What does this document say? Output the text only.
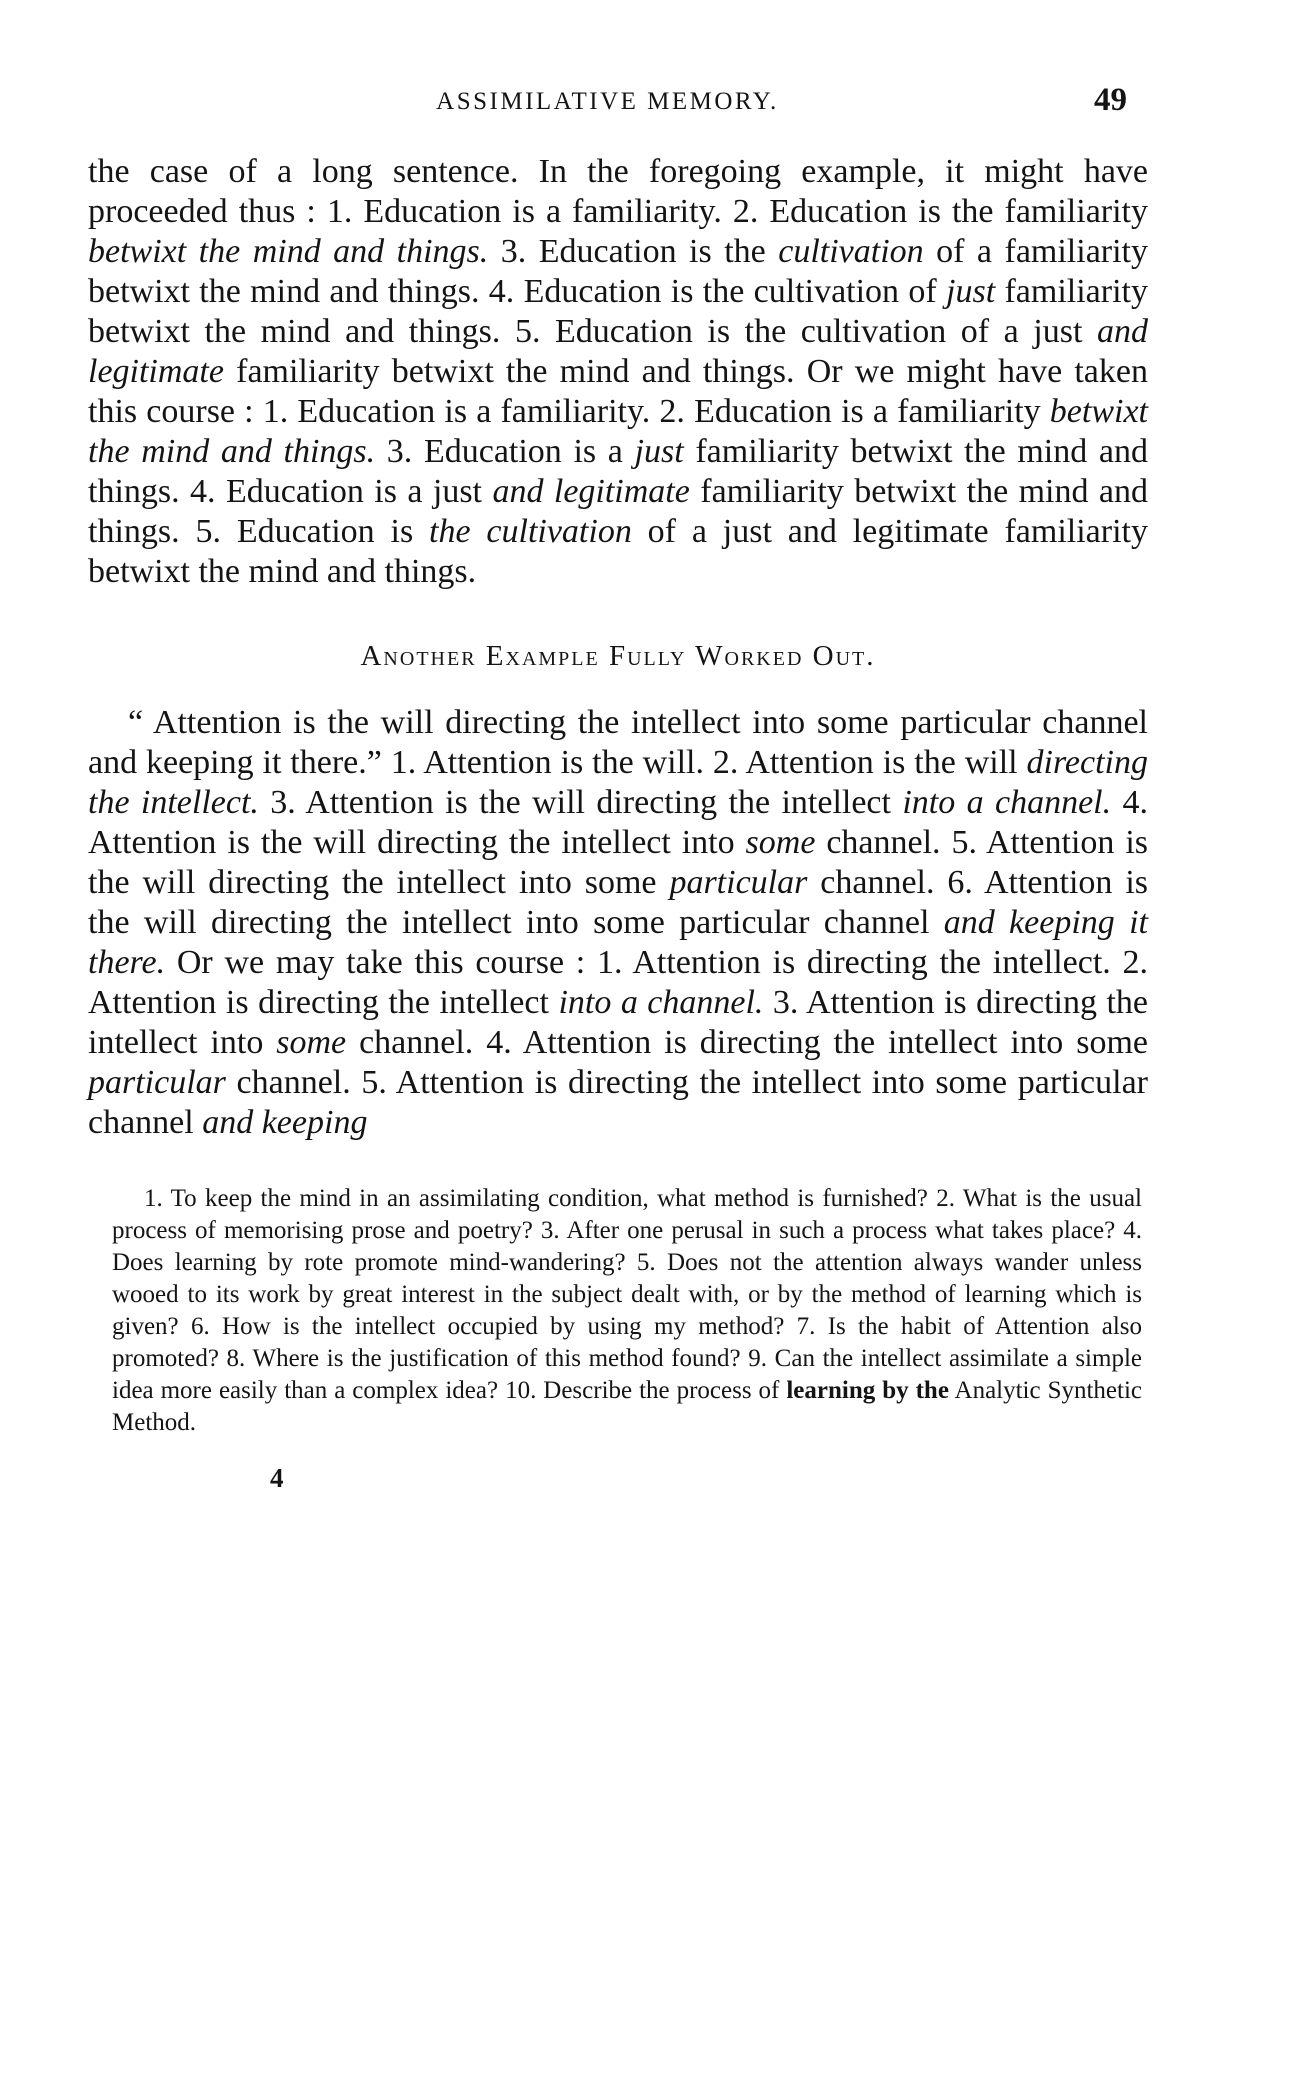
ASSIMILATIVE MEMORY.	49

the case of a long sentence. In the foregoing example, it might have proceeded thus : 1. Education is a familiarity. 2. Education is the familiarity betwixt the mind and things. 3. Education is the cultivation of a familiarity betwixt the mind and things. 4. Education is the cultivation of just familiarity betwixt the mind and things. 5. Education is the cultivation of a just and legitimate familiarity betwixt the mind and things. Or we might have taken this course : 1. Education is a familiarity. 2. Education is a familiarity betwixt the mind and things. 3. Education is a just familiarity betwixt the mind and things. 4. Education is a just and legitimate familiarity betwixt the mind and things. 5. Education is the cultivation of a just and legitimate familiarity betwixt the mind and things.

Another Example Fully Worked Out.

“ Attention is the will directing the intellect into some particular channel and keeping it there.” 1. Attention is the will. 2. Attention is the will directing the intellect. 3. Attention is the will directing the intellect into a channel. 4. Attention is the will directing the intellect into some channel. 5. Attention is the will directing the intellect into some particular channel. 6. Attention is the will directing the intellect into some particular channel and keeping it there. Or we may take this course : 1. Attention is directing the intellect. 2. Attention is directing the intellect into a channel. 3. Attention is directing the intellect into some channel. 4. Attention is directing the intellect into some particular channel. 5. Attention is directing the intellect into some particular channel and keeping

1. To keep the mind in an assimilating condition, what method is furnished? 2. What is the usual process of memorising prose and poetry? 3. After one perusal in such a process what takes place? 4. Does learning by rote promote mind-wandering? 5. Does not the attention always wander unless wooed to its work by great interest in the subject dealt with, or by the method of learning which is given? 6. How is the intellect occupied by using my method? 7. Is the habit of Attention also promoted? 8. Where is the justification of this method found? 9. Can the intellect assimilate a simple idea more easily than a complex idea? 10. Describe the process of learning by the Analytic Synthetic Method.
4
